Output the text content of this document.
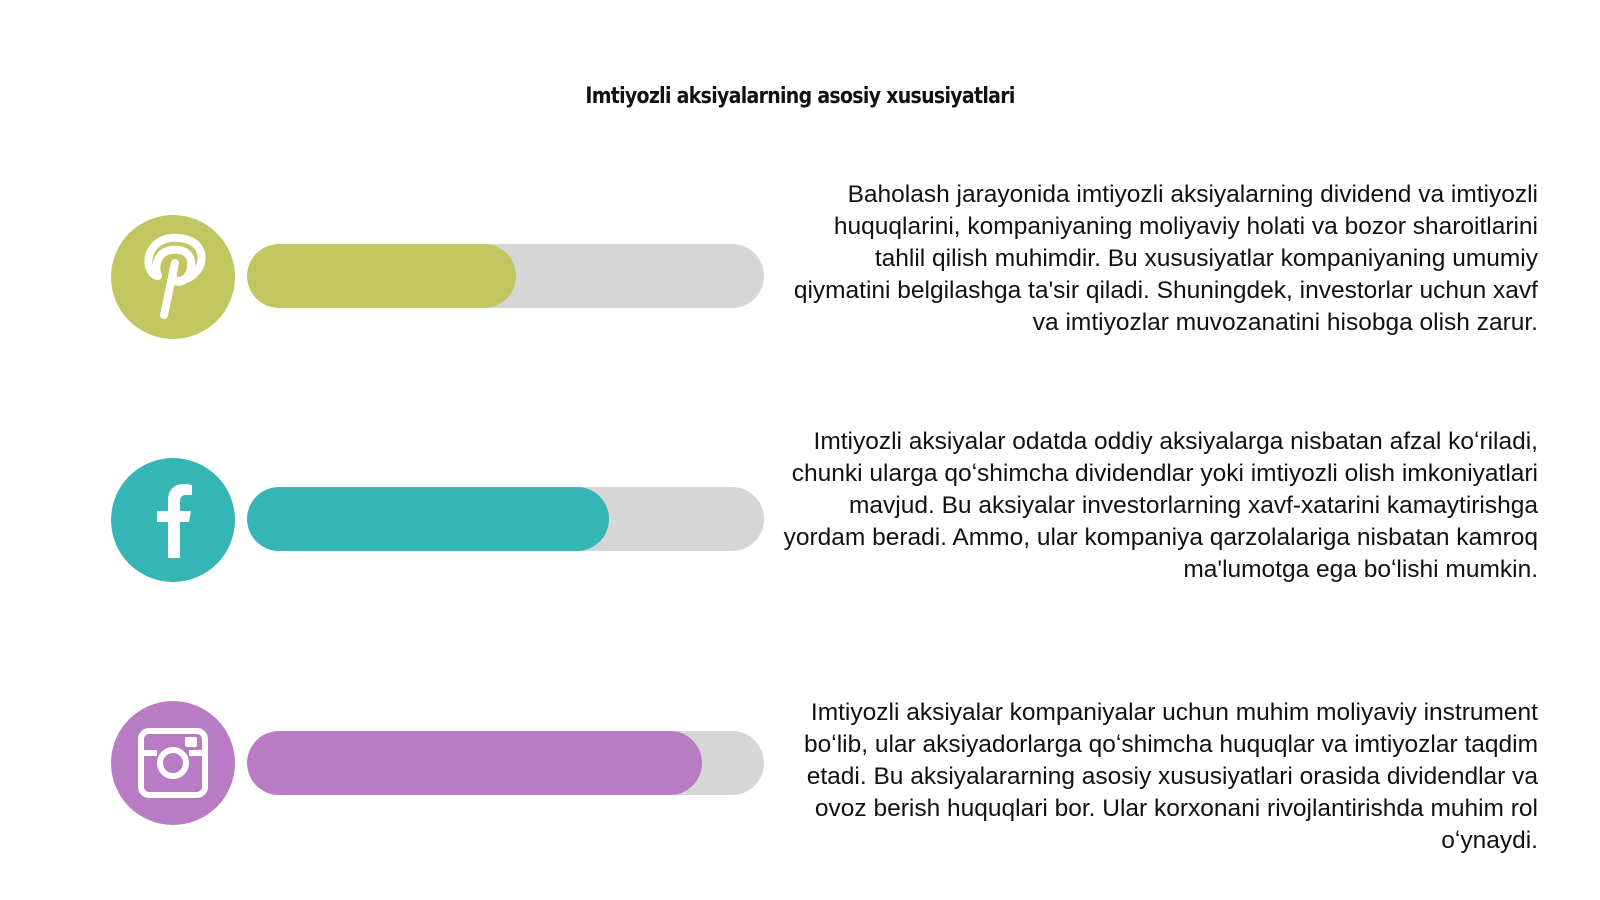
Imtiyozli aksiyalarning asosiy xususiyatlari
Baholash jarayonida imtiyozli aksiyalarning dividend va imtiyozli huquqlarini, kompaniyaning moliyaviy holati va bozor sharoitlarini tahlil qilish muhimdir. Bu xususiyatlar kompaniyaning umumiy qiymatini belgilashga ta'sir qiladi. Shuningdek, investorlar uchun xavf va imtiyozlar muvozanatini hisobga olish zarur.
Imtiyozli aksiyalar odatda oddiy aksiyalarga nisbatan afzal koʻriladi, chunki ularga qoʻshimcha dividendlar yoki imtiyozli olish imkoniyatlari mavjud. Bu aksiyalar investorlarning xavf-xatarini kamaytirishga yordam beradi. Ammo, ular kompaniya qarzolalariga nisbatan kamroq ma'lumotga ega boʻlishi mumkin.
Imtiyozli aksiyalar kompaniyalar uchun muhim moliyaviy instrument boʻlib, ular aksiyadorlarga qoʻshimcha huquqlar va imtiyozlar taqdim etadi. Bu aksiyalararning asosiy xususiyatlari orasida dividendlar va ovoz berish huquqlari bor. Ular korxonani rivojlantirishda muhim rol oʻynaydi.
